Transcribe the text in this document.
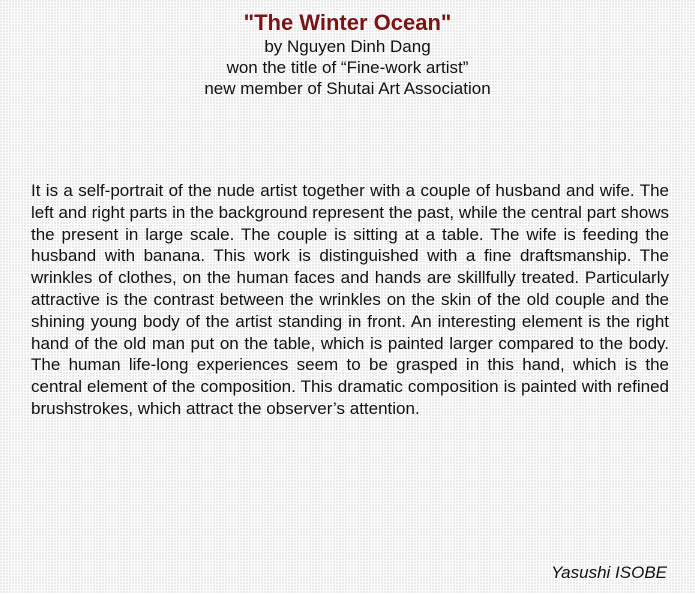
"The Winter Ocean"

by Nguyen Dinh Dang

won the title of “Fine-work artist”

new member of Shutai Art Association

It is a self-portrait of the nude artist together with a couple of husband and wife. The left and right parts in the background represent the past, while the central part shows the present in large scale. The couple is sitting at a table. The wife is feeding the husband with banana. This work is distinguished with a fine draftsmanship. The wrinkles of clothes, on the human faces and hands are skillfully treated. Particularly attractive is the contrast between the wrinkles on the skin of the old couple and the shining young body of the artist standing in front. An interesting element is the right hand of the old man put on the table, which is painted larger compared to the body. The human life-long experiences seem to be grasped in this hand, which is the central element of the composition. This dramatic composition is painted with refined brushstrokes, which attract the observer’s attention.

Yasushi ISOBE
